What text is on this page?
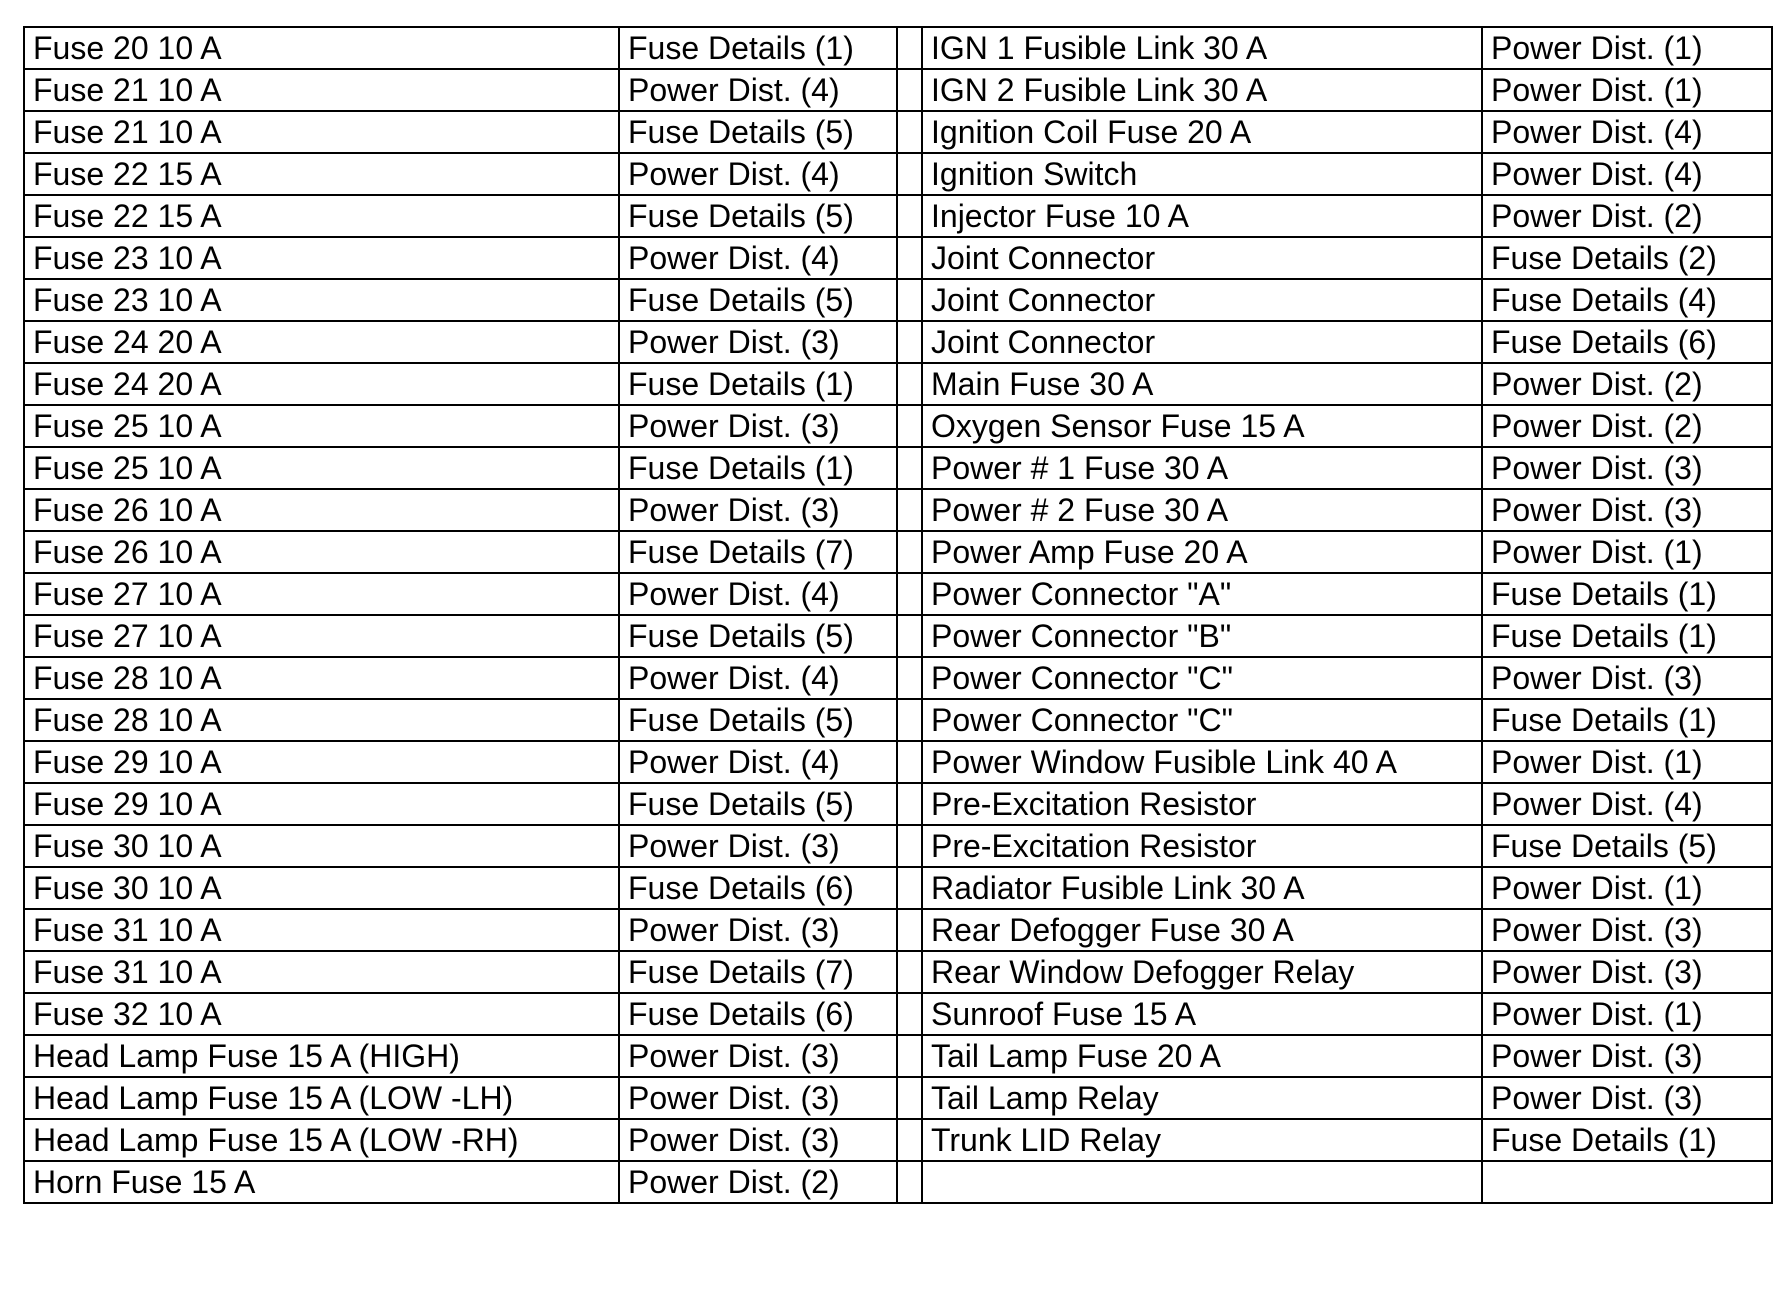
Fuse 20 10 A	Fuse Details (1)		IGN 1 Fusible Link 30 A	Power Dist. (1)
Fuse 21 10 A	Power Dist. (4)		IGN 2 Fusible Link 30 A	Power Dist. (1)
Fuse 21 10 A	Fuse Details (5)		Ignition Coil Fuse 20 A	Power Dist. (4)
Fuse 22 15 A	Power Dist. (4)		Ignition Switch	Power Dist. (4)
Fuse 22 15 A	Fuse Details (5)		Injector Fuse 10 A	Power Dist. (2)
Fuse 23 10 A	Power Dist. (4)		Joint Connector	Fuse Details (2)
Fuse 23 10 A	Fuse Details (5)		Joint Connector	Fuse Details (4)
Fuse 24 20 A	Power Dist. (3)		Joint Connector	Fuse Details (6)
Fuse 24 20 A	Fuse Details (1)		Main Fuse 30 A	Power Dist. (2)
Fuse 25 10 A	Power Dist. (3)		Oxygen Sensor Fuse 15 A	Power Dist. (2)
Fuse 25 10 A	Fuse Details (1)		Power # 1 Fuse 30 A	Power Dist. (3)
Fuse 26 10 A	Power Dist. (3)		Power # 2 Fuse 30 A	Power Dist. (3)
Fuse 26 10 A	Fuse Details (7)		Power Amp Fuse 20 A	Power Dist. (1)
Fuse 27 10 A	Power Dist. (4)		Power Connector "A"	Fuse Details (1)
Fuse 27 10 A	Fuse Details (5)		Power Connector "B"	Fuse Details (1)
Fuse 28 10 A	Power Dist. (4)		Power Connector "C"	Power Dist. (3)
Fuse 28 10 A	Fuse Details (5)		Power Connector "C"	Fuse Details (1)
Fuse 29 10 A	Power Dist. (4)		Power Window Fusible Link 40 A	Power Dist. (1)
Fuse 29 10 A	Fuse Details (5)		Pre-Excitation Resistor	Power Dist. (4)
Fuse 30 10 A	Power Dist. (3)		Pre-Excitation Resistor	Fuse Details (5)
Fuse 30 10 A	Fuse Details (6)		Radiator Fusible Link 30 A	Power Dist. (1)
Fuse 31 10 A	Power Dist. (3)		Rear Defogger Fuse 30 A	Power Dist. (3)
Fuse 31 10 A	Fuse Details (7)		Rear Window Defogger Relay	Power Dist. (3)
Fuse 32 10 A	Fuse Details (6)		Sunroof Fuse 15 A	Power Dist. (1)
Head Lamp Fuse 15 A (HIGH)	Power Dist. (3)		Tail Lamp Fuse 20 A	Power Dist. (3)
Head Lamp Fuse 15 A (LOW -LH)	Power Dist. (3)		Tail Lamp Relay	Power Dist. (3)
Head Lamp Fuse 15 A (LOW -RH)	Power Dist. (3)		Trunk LID Relay	Fuse Details (1)
Horn Fuse 15 A	Power Dist. (2)			
